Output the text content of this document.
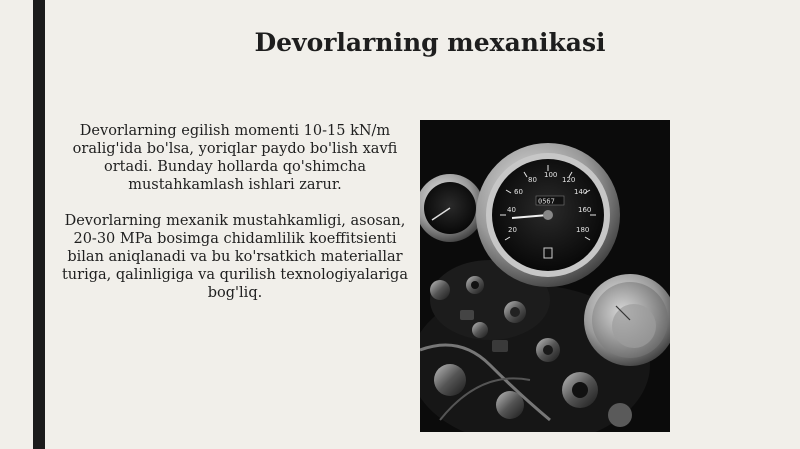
Devorlarning mexanikasi

Devorlarning egilish momenti 10-15 kN/m oralig'ida bo'lsa, yoriqlar paydo bo'lish xavfi ortadi. Bunday hollarda qo'shimcha mustahkamlash ishlari zarur.

Devorlarning mexanik mustahkamligi, asosan, 20-30 MPa bosimga chidamlilik koeffitsienti bilan aniqlanadi va bu ko'rsatkich materiallar turiga, qalinligiga va qurilish texnologiyalariga bog'liq.

20
40
60
80
100
120
140
160
180
0567
